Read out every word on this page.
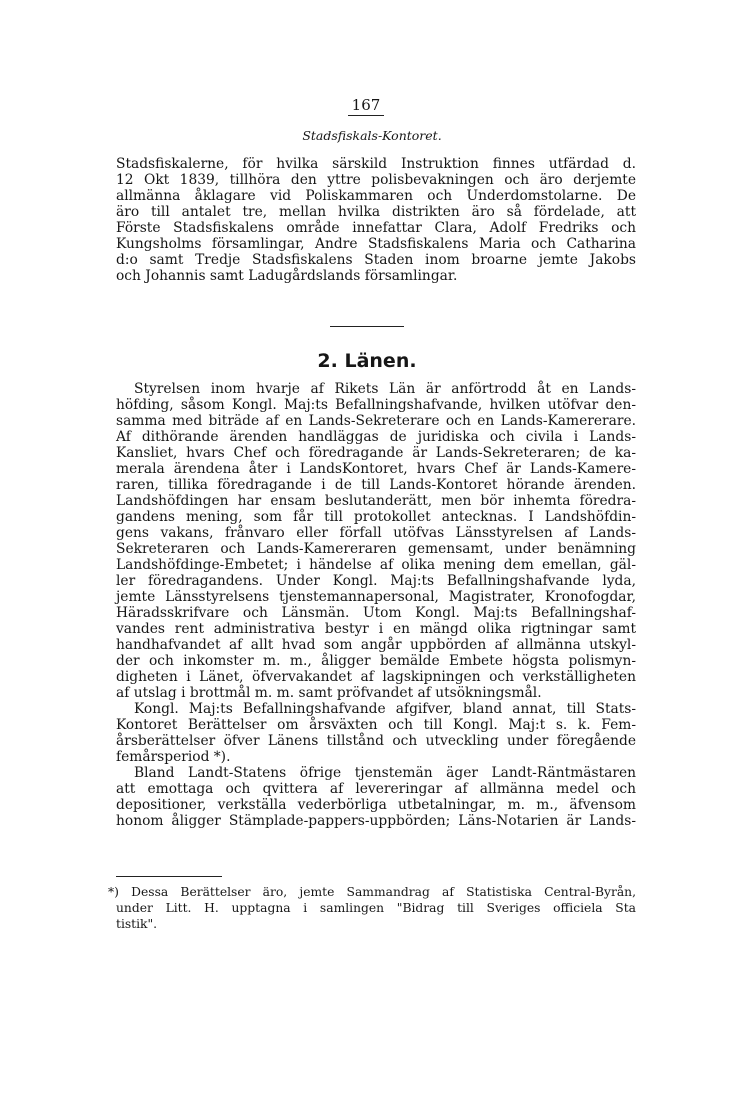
167
Stadsfiskals-Kontoret.
Stadsfiskalerne, för hvilka särskild Instruktion finnes utfärdad d.
12 Okt 1839, tillhöra den yttre polisbevakningen och äro derjemte
allmänna åklagare vid Poliskammaren och Underdomstolarne. De
äro till antalet tre, mellan hvilka distrikten äro så fördelade, att
Förste Stadsfiskalens område innefattar Clara, Adolf Fredriks och
Kungsholms församlingar, Andre Stadsfiskalens Maria och Catharina
d:o samt Tredje Stadsfiskalens Staden inom broarne jemte Jakobs
och Johannis samt Ladugårdslands församlingar.
2. Länen.
Styrelsen inom hvarje af Rikets Län är anförtrodd åt en Lands-
höfding, såsom Kongl. Maj:ts Befallningshafvande, hvilken utöfvar den-
samma med biträde af en Lands-Sekreterare och en Lands-Kamererare.
Af dithörande ärenden handläggas de juridiska och civila i Lands-
Kansliet, hvars Chef och föredragande är Lands-Sekreteraren; de ka-
merala ärendena åter i LandsKontoret, hvars Chef är Lands-Kamere-
raren, tillika föredragande i de till Lands-Kontoret hörande ärenden.
Landshöfdingen har ensam beslutanderätt, men bör inhemta föredra-
gandens mening, som får till protokollet antecknas. I Landshöfdin-
gens vakans, frånvaro eller förfall utöfvas Länsstyrelsen af Lands-
Sekreteraren och Lands-Kamereraren gemensamt, under benämning
Landshöfdinge-Embetet; i händelse af olika mening dem emellan, gäl-
ler föredragandens. Under Kongl. Maj:ts Befallningshafvande lyda,
jemte Länsstyrelsens tjenstemannapersonal, Magistrater, Kronofogdar,
Häradsskrifvare och Länsmän. Utom Kongl. Maj:ts Befallningshaf-
vandes rent administrativa bestyr i en mängd olika rigtningar samt
handhafvandet af allt hvad som angår uppbörden af allmänna utskyl-
der och inkomster m. m., åligger bemälde Embete högsta polismyn-
digheten i Länet, öfvervakandet af lagskipningen och verkställigheten
af utslag i brottmål m. m. samt pröfvandet af utsökningsmål.
Kongl. Maj:ts Befallningshafvande afgifver, bland annat, till Stats-
Kontoret Berättelser om årsväxten och till Kongl. Maj:t s. k. Fem-
årsberättelser öfver Länens tillstånd och utveckling under föregående
femårsperiod *).
Bland Landt-Statens öfrige tjenstemän äger Landt-Räntmästaren
att emottaga och qvittera af levereringar af allmänna medel och
depositioner, verkställa vederbörliga utbetalningar, m. m., äfvensom
honom åligger Stämplade-pappers-uppbörden; Läns-Notarien är Lands-
*) Dessa Berättelser äro, jemte Sammandrag af Statistiska Central-Byrån,
under Litt. H. upptagna i samlingen "Bidrag till Sveriges officiela Sta
tistik".
